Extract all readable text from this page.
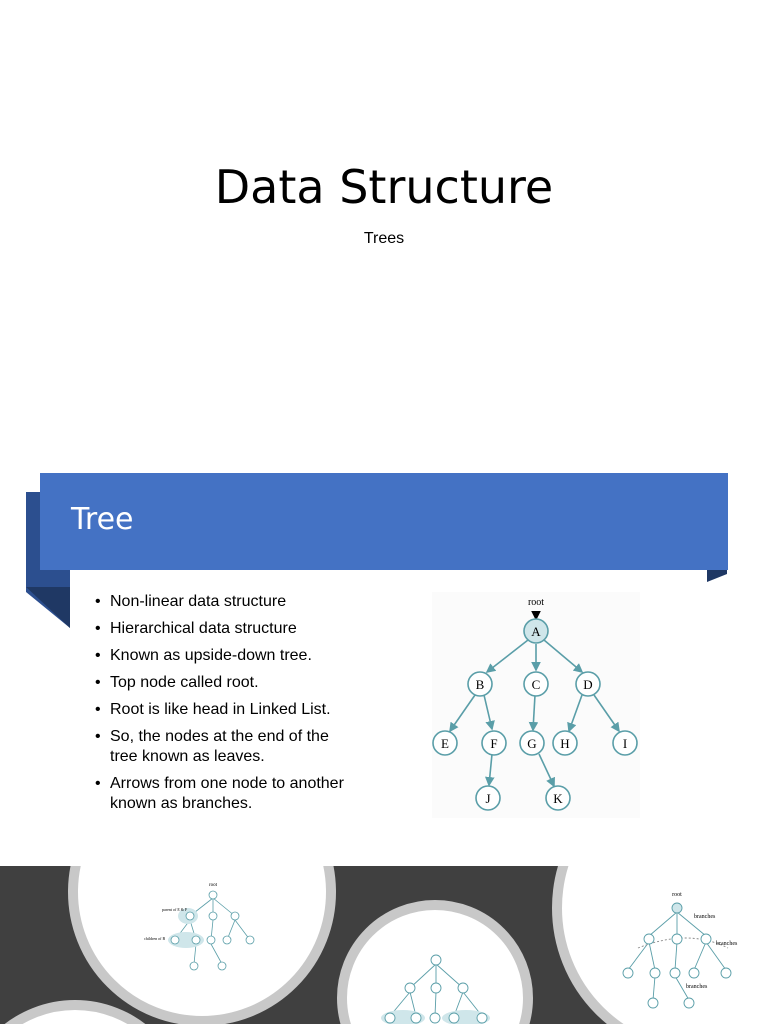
Data Structure
Trees
Tree
• Non-linear data structure
• Hierarchical data structure
• Known as upside-down tree.
• Top node called root.
• Root is like head in Linked List.
• So, the nodes at the end of the tree known as leaves.
• Arrows from one node to another known as branches.
root
A
B	C	D
E	F G H	I
J	K
root
parent of E & F
children of B
root
branches
branches
branches
